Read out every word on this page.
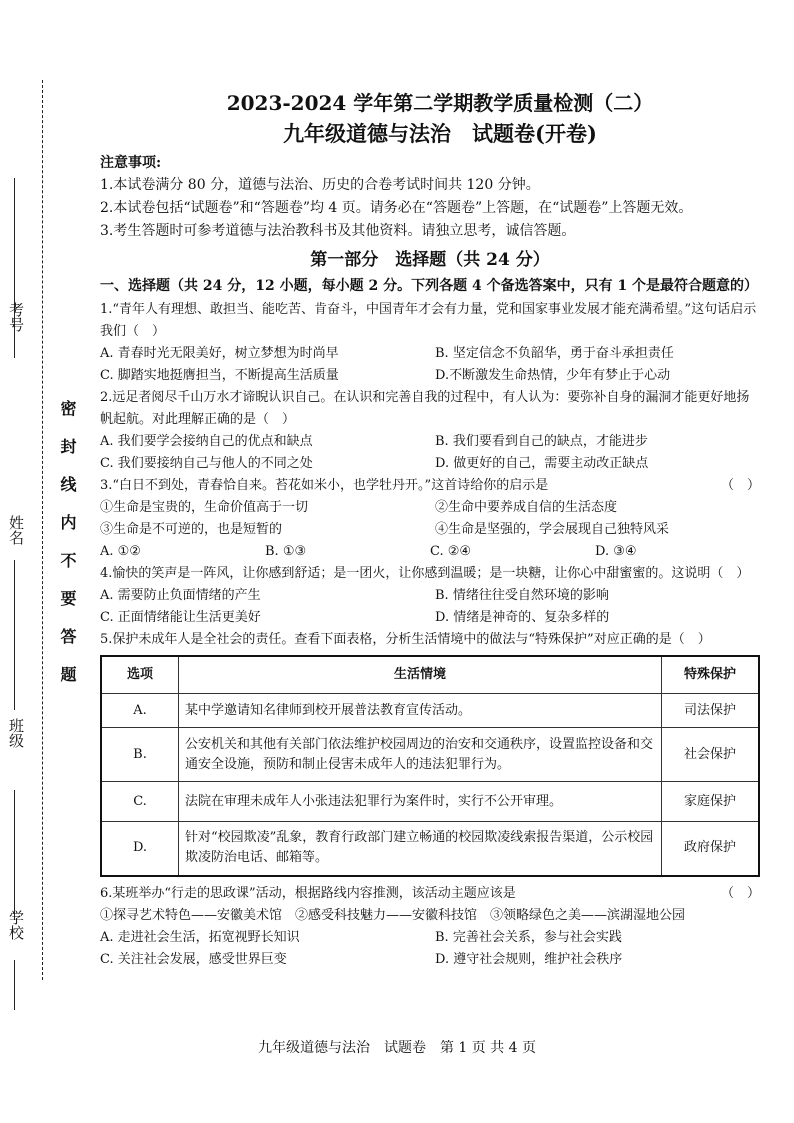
考号
姓名
班级
学校
密封线内不要答题
2023-2024 学年第二学期教学质量检测（二）
九年级道德与法治　试题卷(开卷)
注意事项:

1.本试卷满分 80 分，道德与法治、历史的合卷考试时间共 120 分钟。

2.本试卷包括“试题卷”和“答题卷”均 4 页。请务必在“答题卷”上答题，在“试题卷”上答题无效。

3.考生答题时可参考道德与法治教科书及其他资料。请独立思考，诚信答题。

第一部分　选择题（共 24 分）
一、选择题（共 24 分，12 小题，每小题 2 分。下列各题 4 个备选答案中，只有 1 个是最符合题意的）

1.“青年人有理想、敢担当、能吃苦、肯奋斗，中国青年才会有力量，党和国家事业发展才能充满希望。”这句话启示我们（　）

A. 青春时光无限美好，树立梦想为时尚早	B. 坚定信念不负韶华，勇于奋斗承担责任
C. 脚踏实地挺膺担当，不断提高生活质量	D.不断激发生命热情，少年有梦止于心动

2.远足者阅尽千山万水才谛睨认识自己。在认识和完善自我的过程中，有人认为：要弥补自身的漏洞才能更好地扬帆起航。对此理解正确的是（　）

A. 我们要学会接纳自己的优点和缺点	B. 我们要看到自己的缺点，才能进步
C. 我们要接纳自己与他人的不同之处	D. 做更好的自己，需要主动改正缺点
3.“白日不到处，青春恰自来。苔花如米小，也学牡丹开。”这首诗给你的启示是	（　）
①生命是宝贵的，生命价值高于一切	②生命中要养成自信的生活态度
③生命是不可逆的，也是短暂的	④生命是坚强的，学会展现自己独特风采
A. ①②	B. ①③	C. ②④	D. ③④

4.愉快的笑声是一阵风，让你感到舒适；是一团火，让你感到温暖；是一块糖，让你心中甜蜜蜜的。这说明（　）

A. 需要防止负面情绪的产生	B. 情绪往往受自然环境的影响
C. 正面情绪能让生活更美好	D. 情绪是神奇的、复杂多样的

5.保护未成年人是全社会的责任。查看下面表格，分析生活情境中的做法与“特殊保护”对应正确的是（　）

选项	生活情境	特殊保护
A.	某中学邀请知名律师到校开展普法教育宣传活动。	司法保护
B.	公安机关和其他有关部门依法维护校园周边的治安和交通秩序，设置监控设备和交通安全设施，预防和制止侵害未成年人的违法犯罪行为。	社会保护
C.	法院在审理未成年人小张违法犯罪行为案件时，实行不公开审理。	家庭保护
D.	针对“校园欺凌”乱象，教育行政部门建立畅通的校园欺凌线索报告渠道，公示校园欺凌防治电话、邮箱等。	政府保护
6.某班举办“行走的思政课”活动，根据路线内容推测，该活动主题应该是	（　）

①探寻艺术特色——安徽美术馆　②感受科技魅力——安徽科技馆　③领略绿色之美——滨湖湿地公园

A. 走进社会生活，拓宽视野长知识	B. 完善社会关系，参与社会实践
C. 关注社会发展，感受世界巨变	D. 遵守社会规则，维护社会秩序
九年级道德与法治　试题卷　第 1 页 共 4 页
